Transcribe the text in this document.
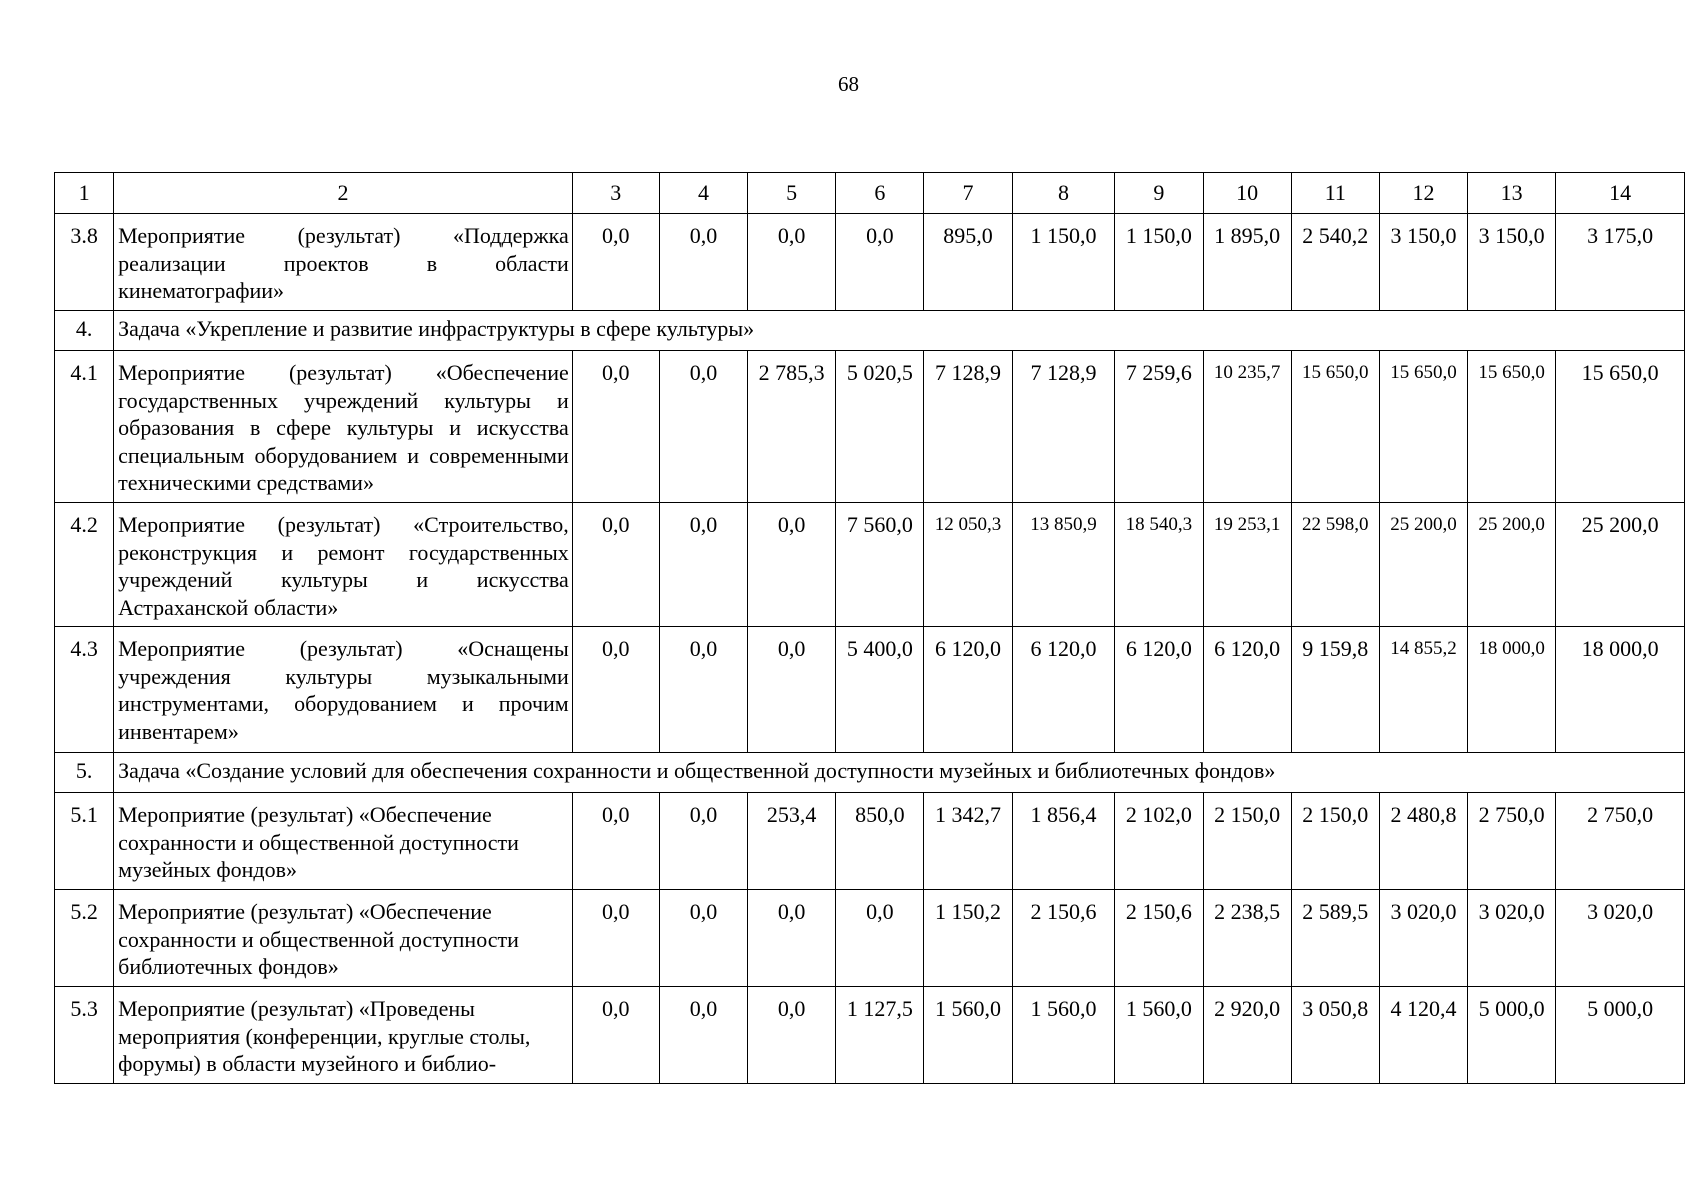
68
1	2	3	4	5	6	7	8	9	10	11	12	13	14
3.8	Мероприятие (результат) «Поддержка реализации проектов в области кинематографии»	0,0	0,0	0,0	0,0	895,0	1 150,0	1 150,0	1 895,0	2 540,2	3 150,0	3 150,0	3 175,0
4.	Задача «Укрепление и развитие инфраструктуры в сфере культуры»												
4.1	Мероприятие (результат) «Обеспечение государственных учреждений культуры и образования в сфере культуры и искусства специальным оборудованием и современными техническими средствами»	0,0	0,0	2 785,3	5 020,5	7 128,9	7 128,9	7 259,6	10 235,7	15 650,0	15 650,0	15 650,0	15 650,0
4.2	Мероприятие (результат) «Строительство, реконструкция и ремонт государственных учреждений культуры и искусства Астраханской области»	0,0	0,0	0,0	7 560,0	12 050,3	13 850,9	18 540,3	19 253,1	22 598,0	25 200,0	25 200,0	25 200,0
4.3	Мероприятие (результат) «Оснащены учреждения культуры музыкальными инструментами, оборудованием и прочим инвентарем»	0,0	0,0	0,0	5 400,0	6 120,0	6 120,0	6 120,0	6 120,0	9 159,8	14 855,2	18 000,0	18 000,0
5.	Задача «Создание условий для обеспечения сохранности и общественной доступности музейных и библиотечных фондов»												
5.1	Мероприятие (результат) «Обеспечение сохранности и общественной доступности музейных фондов»	0,0	0,0	253,4	850,0	1 342,7	1 856,4	2 102,0	2 150,0	2 150,0	2 480,8	2 750,0	2 750,0
5.2	Мероприятие (результат) «Обеспечение сохранности и общественной доступности библиотечных фондов»	0,0	0,0	0,0	0,0	1 150,2	2 150,6	2 150,6	2 238,5	2 589,5	3 020,0	3 020,0	3 020,0
5.3	Мероприятие (результат) «Проведены мероприятия (конференции, круглые столы, форумы) в области музейного и библио-	0,0	0,0	0,0	1 127,5	1 560,0	1 560,0	1 560,0	2 920,0	3 050,8	4 120,4	5 000,0	5 000,0
